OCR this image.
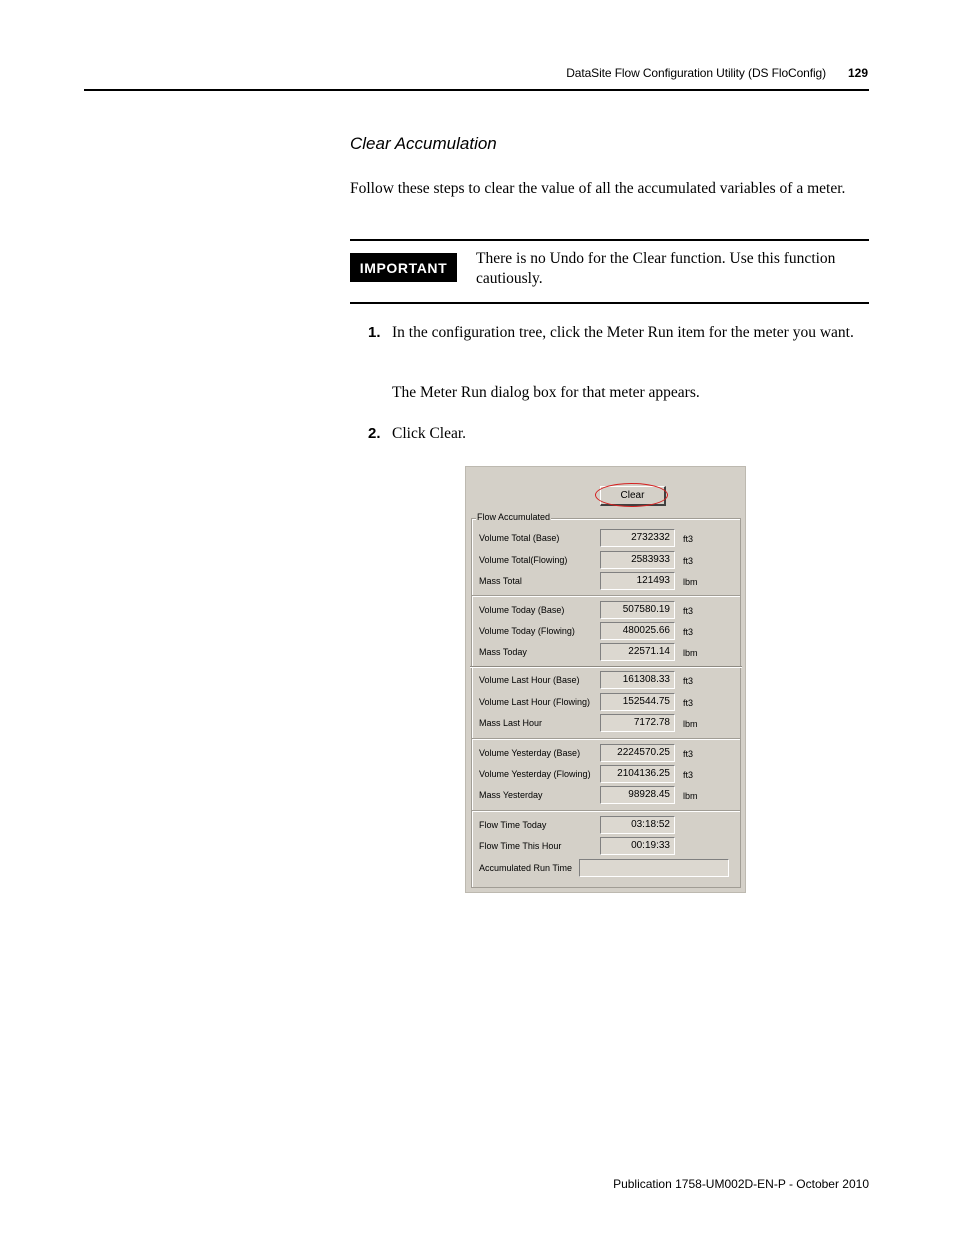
DataSite Flow Configuration Utility (DS FloConfig) 129
Clear Accumulation

Follow these steps to clear the value of all the accumulated variables of a meter.

IMPORTANT

There is no Undo for the Clear function. Use this function cautiously.

1. In the configuration tree, click the Meter Run item for the meter you want.

The Meter Run dialog box for that meter appears.

2. Click Clear.

Clear
Flow Accumulated
Volume Total (Base)	2732332	ft3
Volume Total(Flowing)	2583933	ft3
Mass Total	121493	lbm
Volume Today (Base)	507580.19	ft3
Volume Today (Flowing)	480025.66	ft3
Mass Today	22571.14	lbm
Volume Last Hour (Base)	161308.33	ft3
Volume Last Hour (Flowing)	152544.75	ft3
Mass Last Hour	7172.78	lbm
Volume Yesterday (Base)	2224570.25	ft3
Volume Yesterday (Flowing)	2104136.25	ft3
Mass Yesterday	98928.45	lbm
Flow Time Today	03:18:52
Flow Time This Hour	00:19:33
Accumulated Run Time
Publication 1758-UM002D-EN-P - October 2010
